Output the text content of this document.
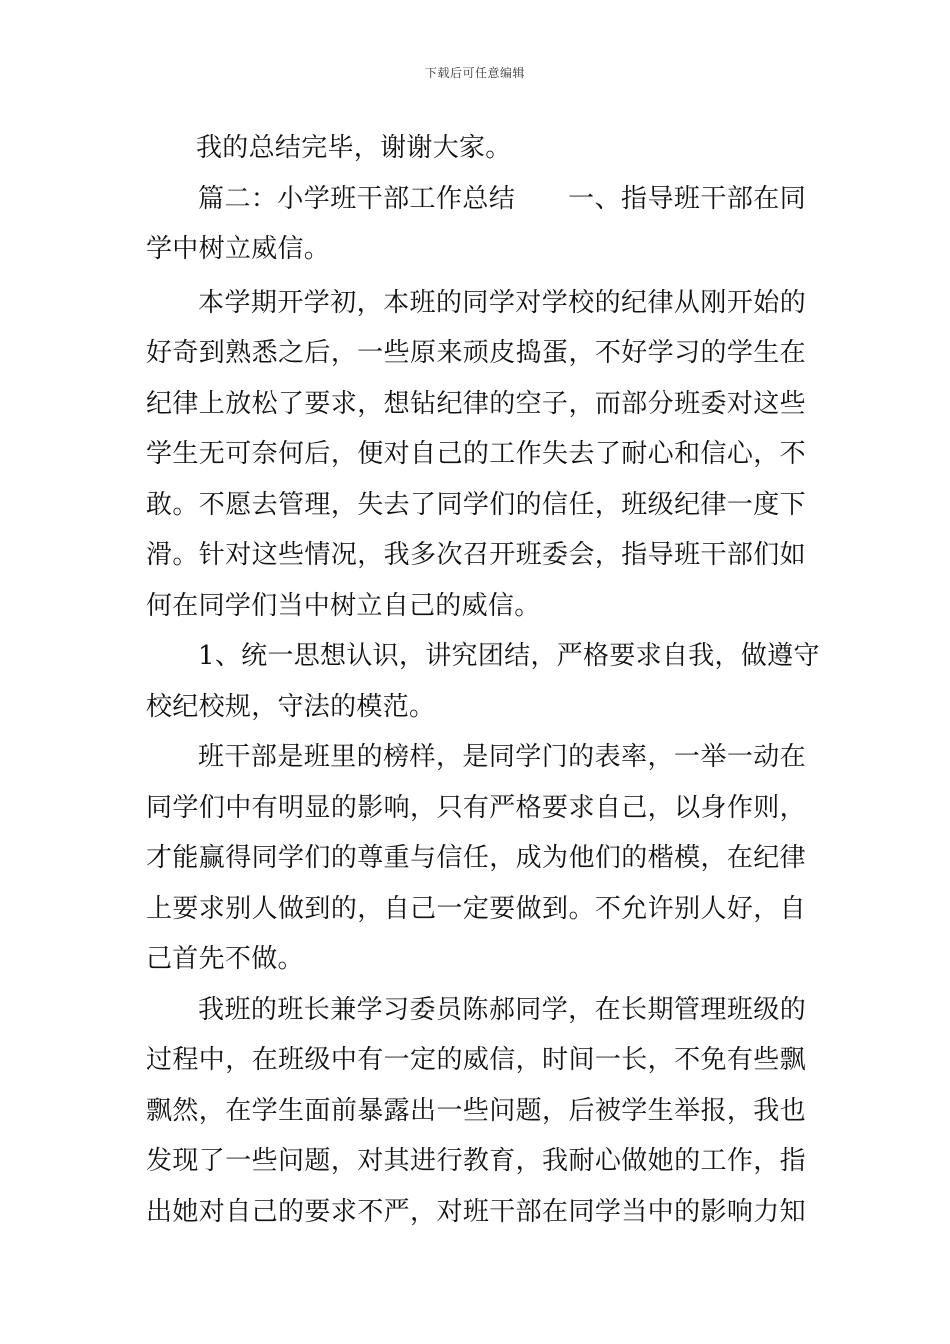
下载后可任意编辑
我的总结完毕，谢谢大家。
篇二：小学班干部工作总结　　一、指导班干部在同
学中树立威信。
本学期开学初，本班的同学对学校的纪律从刚开始的
好奇到熟悉之后，一些原来顽皮捣蛋，不好学习的学生在
纪律上放松了要求，想钻纪律的空子，而部分班委对这些
学生无可奈何后，便对自己的工作失去了耐心和信心，不
敢。不愿去管理，失去了同学们的信任，班级纪律一度下
滑。针对这些情况，我多次召开班委会，指导班干部们如
何在同学们当中树立自己的威信。
1、统一思想认识，讲究团结，严格要求自我，做遵守
校纪校规，守法的模范。
班干部是班里的榜样，是同学门的表率，一举一动在
同学们中有明显的影响，只有严格要求自己，以身作则，
才能赢得同学们的尊重与信任，成为他们的楷模，在纪律
上要求别人做到的，自己一定要做到。不允许别人好，自
己首先不做。
我班的班长兼学习委员陈郝同学，在长期管理班级的
过程中，在班级中有一定的威信，时间一长，不免有些飘
飘然，在学生面前暴露出一些问题，后被学生举报，我也
发现了一些问题，对其进行教育，我耐心做她的工作，指
出她对自己的要求不严，对班干部在同学当中的影响力知
